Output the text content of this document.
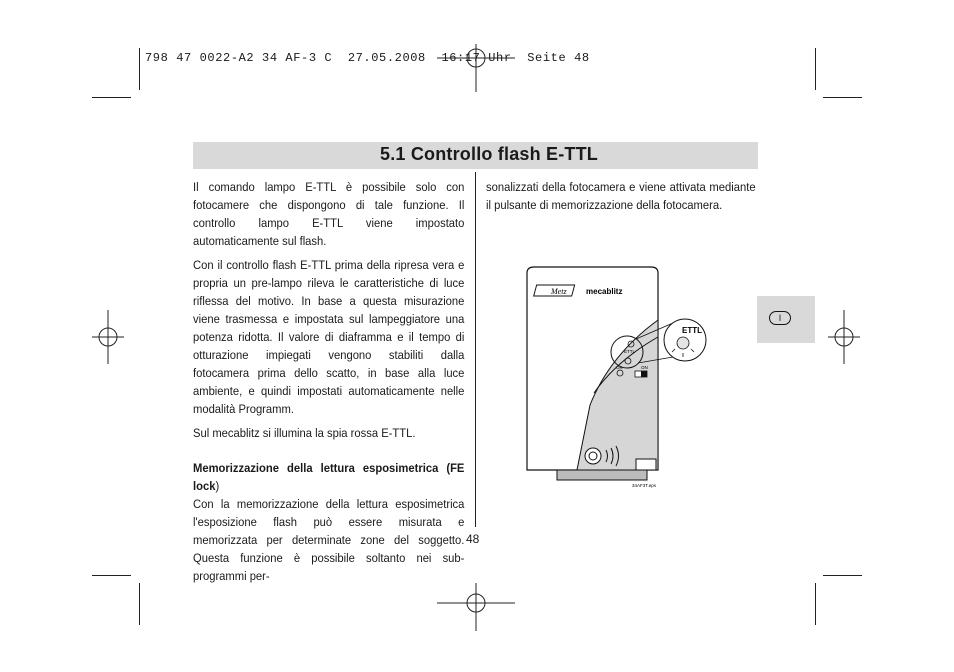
798 47 0022-A2 34 AF-3 C  27.05.2008  16:17 Uhr  Seite 48
5.1 Controllo flash E-TTL

Il comando lampo E-TTL è possibile solo con fotocamere che dispongono di tale funzione. Il controllo lampo E-TTL viene impostato automaticamente sul flash.

Con il controllo flash E-TTL prima della ripresa vera e propria un pre-lampo rileva le caratteristiche di luce riflessa del motivo. In base a questa misurazione viene trasmessa e impostata sul lampeggiatore una potenza ridotta. Il valore di diaframma e il tempo di otturazione impiegati vengono stabiliti dalla fotocamera prima dello scatto, in base alla luce ambiente, e quindi impostati automaticamente nelle modalità Programm.

Sul mecablitz si illumina la spia rossa E-TTL.

Memorizzazione della lettura esposimetrica (FE lock)

Con la memorizzazione della lettura esposimetrica l'esposizione flash può essere misurata e memorizzata per determinate zone del soggetto. Questa funzione è possibile soltanto nei sub-programmi per-

sonalizzati della fotocamera e viene attivata mediante il pulsante di memorizzazione della fotocamera.

Metz mecablitz
ETTL
OK	ON
ETTL
34AF3T.eps
I
48
